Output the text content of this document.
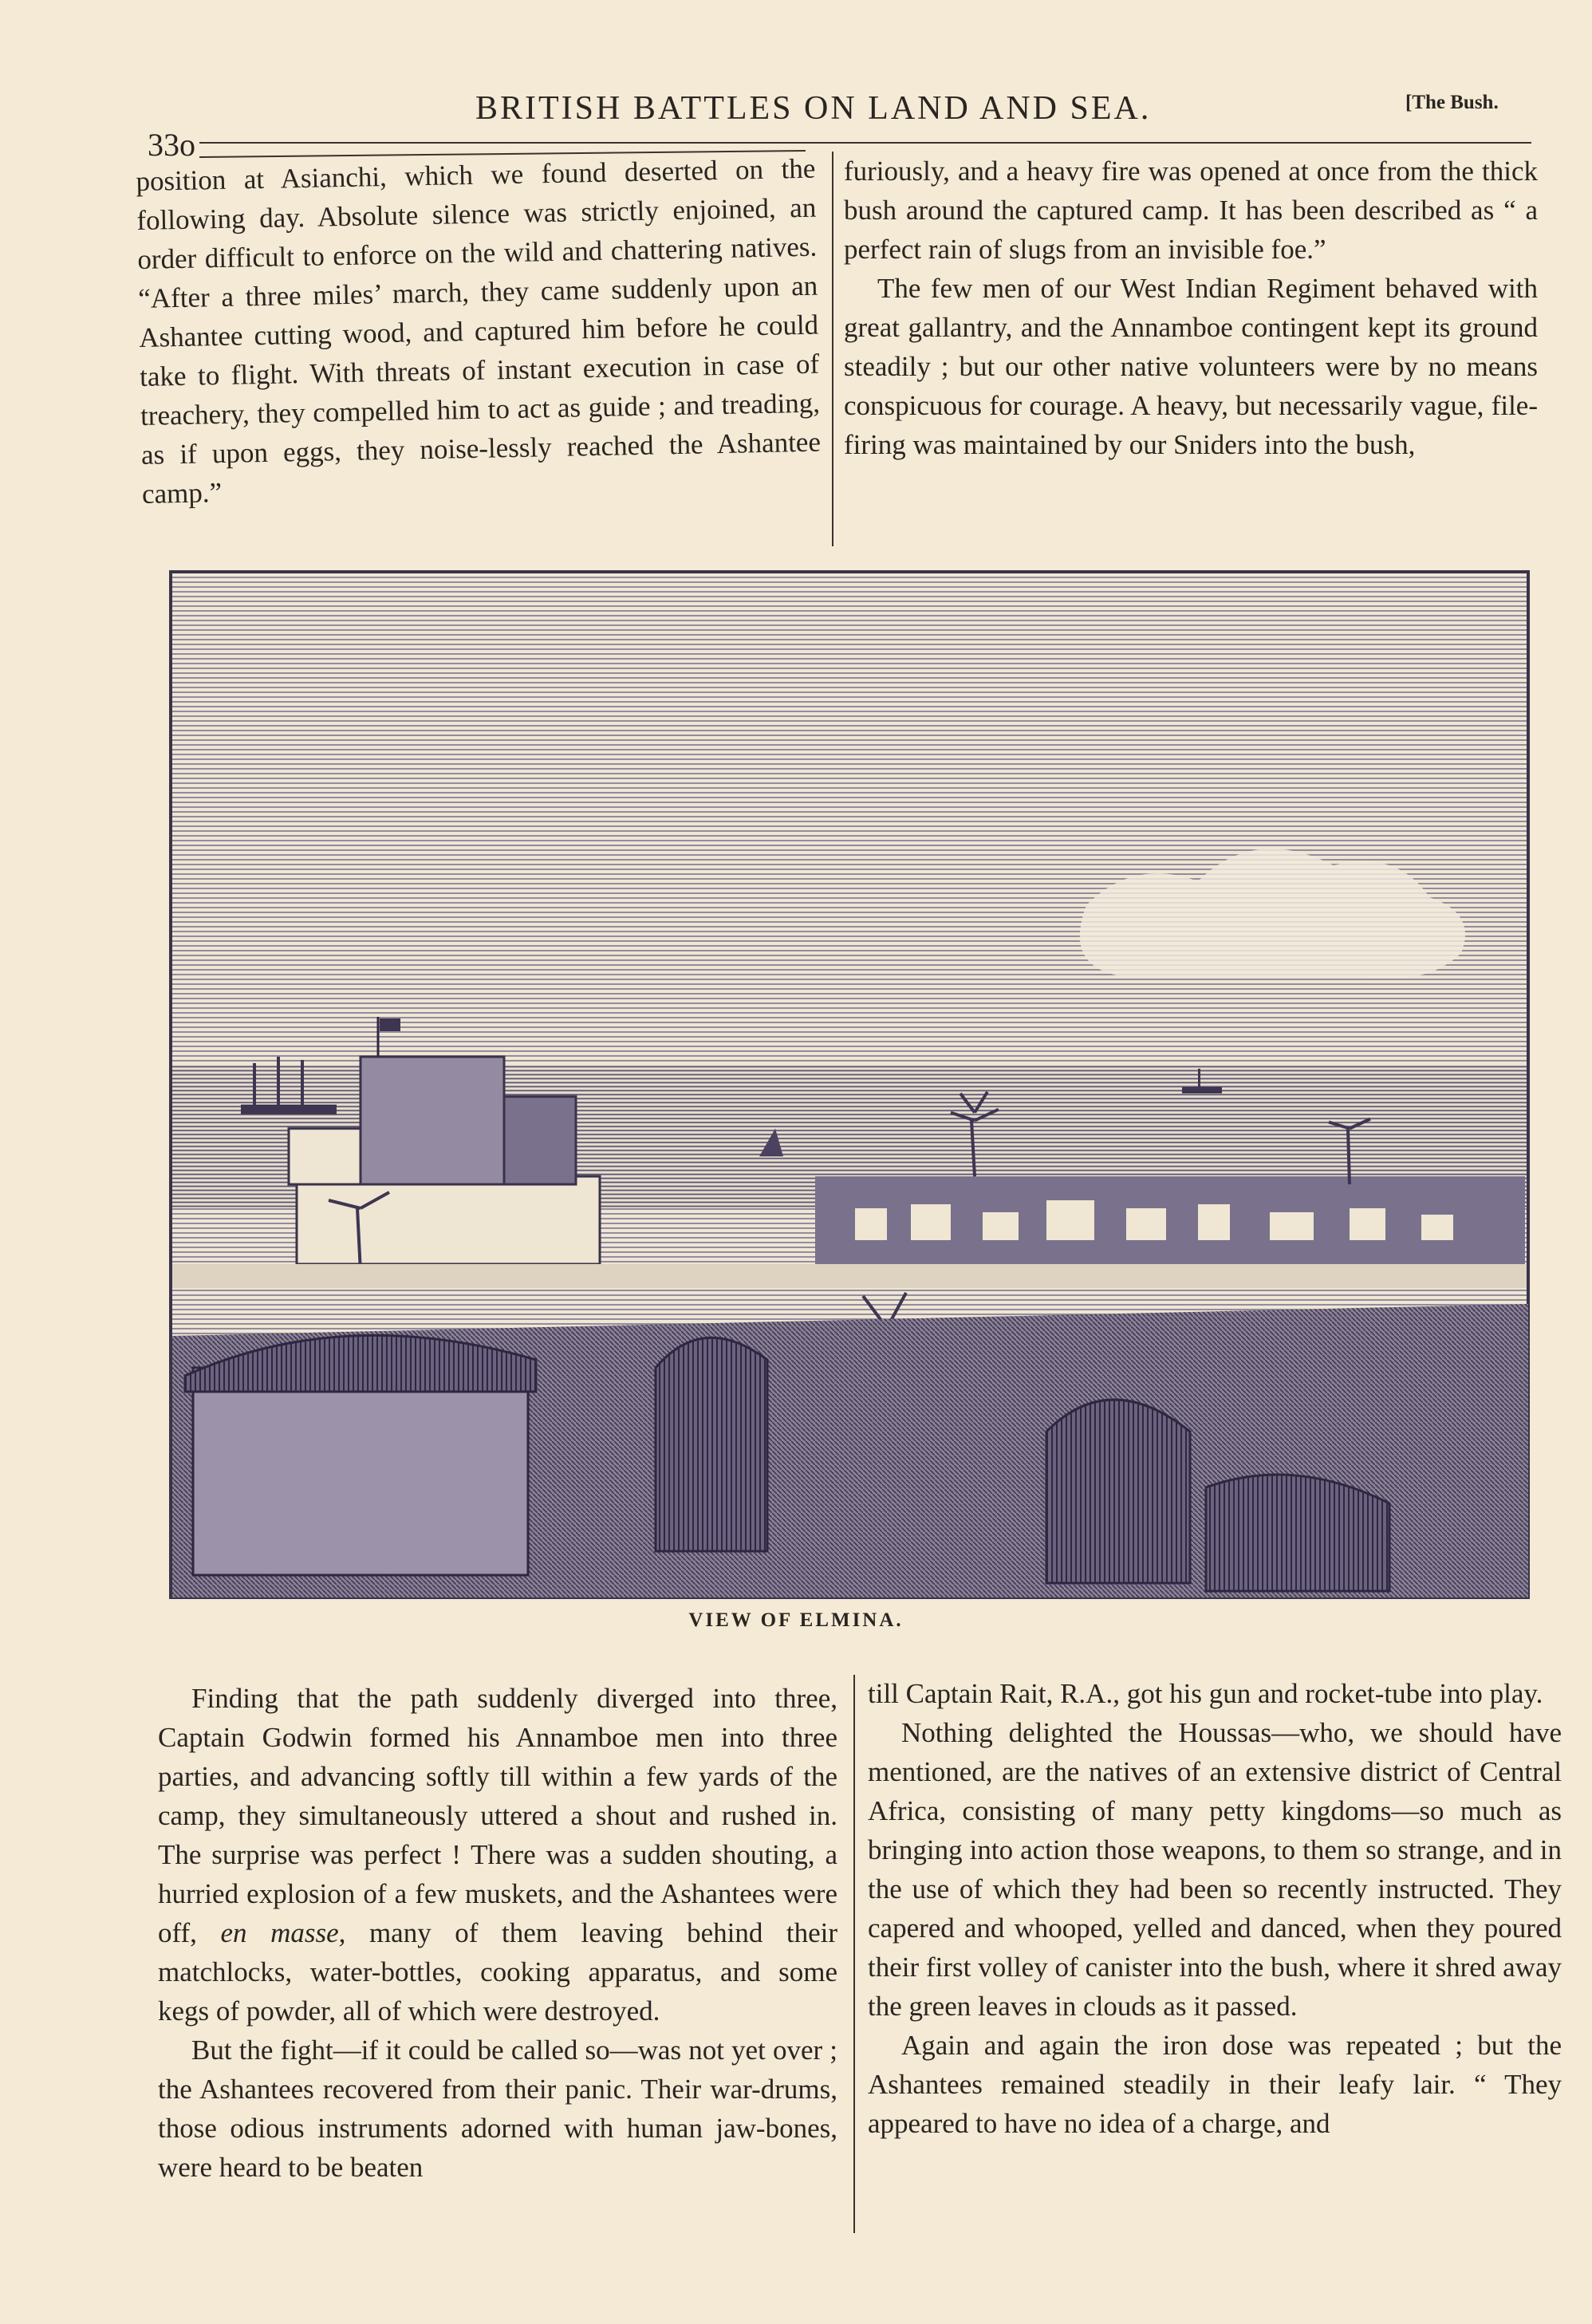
33o
BRITISH BATTLES ON LAND AND SEA.	[The Bush.

position at Asianchi, which we found deserted on the following day. Absolute silence was strictly enjoined, an order difficult to enforce on the wild and chattering natives. “After a three miles’ march, they came suddenly upon an Ashantee cutting wood, and captured him before he could take to flight. With threats of instant execution in case of treachery, they compelled him to act as guide ; and treading, as if upon eggs, they noise-lessly reached the Ashantee camp.”

furiously, and a heavy fire was opened at once from the thick bush around the captured camp. It has been described as “ a perfect rain of slugs from an invisible foe.”

The few men of our West Indian Regiment behaved with great gallantry, and the Annamboe contingent kept its ground steadily ; but our other native volunteers were by no means conspicuous for courage. A heavy, but necessarily vague, file-firing was maintained by our Sniders into the bush,

VIEW OF ELMINA.

Finding that the path suddenly diverged into three, Captain Godwin formed his Annamboe men into three parties, and advancing softly till within a few yards of the camp, they simultaneously uttered a shout and rushed in. The surprise was perfect ! There was a sudden shouting, a hurried explosion of a few muskets, and the Ashantees were off, en masse, many of them leaving behind their matchlocks, water-bottles, cooking apparatus, and some kegs of powder, all of which were destroyed.

But the fight—if it could be called so—was not yet over ; the Ashantees recovered from their panic. Their war-drums, those odious instruments adorned with human jaw-bones, were heard to be beaten

till Captain Rait, R.A., got his gun and rocket-tube into play.

Nothing delighted the Houssas—who, we should have mentioned, are the natives of an extensive district of Central Africa, consisting of many petty kingdoms—so much as bringing into action those weapons, to them so strange, and in the use of which they had been so recently instructed. They capered and whooped, yelled and danced, when they poured their first volley of canister into the bush, where it shred away the green leaves in clouds as it passed.

Again and again the iron dose was repeated ; but the Ashantees remained steadily in their leafy lair. “ They appeared to have no idea of a charge, and
